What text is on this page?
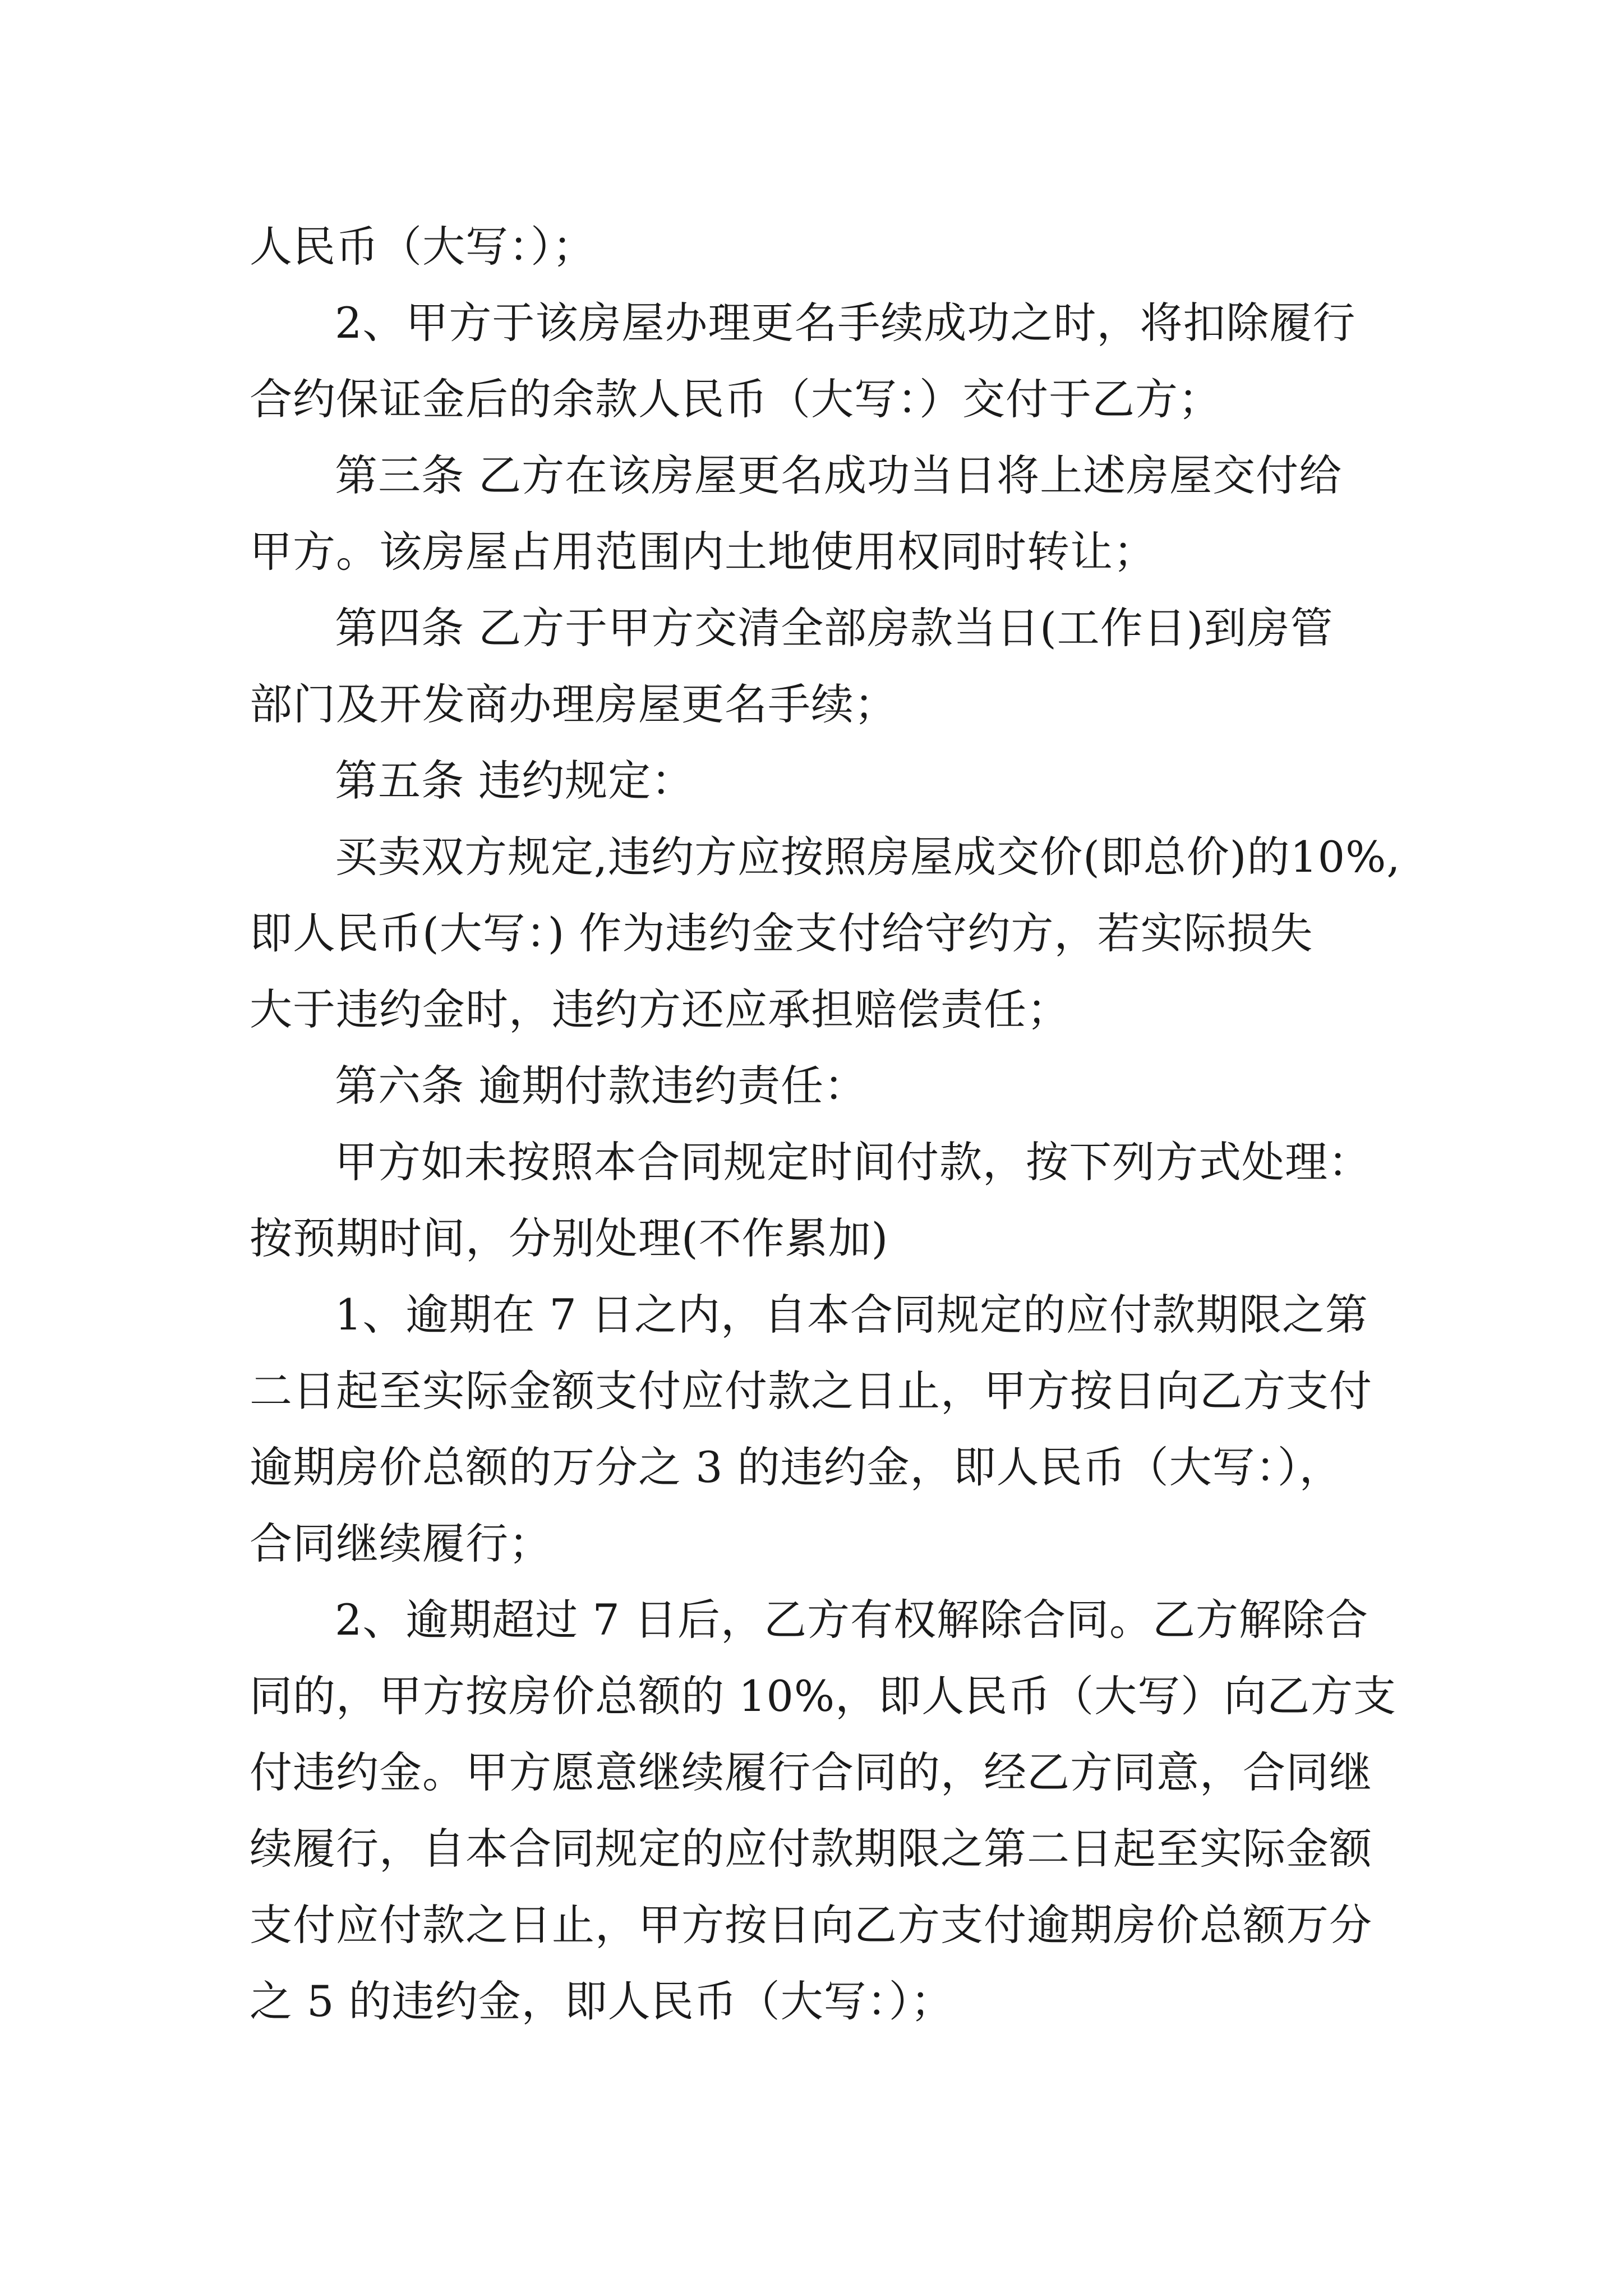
人民币（大写：）；
2、甲方于该房屋办理更名手续成功之时，将扣除履行
合约保证金后的余款人民币（大写：）交付于乙方；
第三条 乙方在该房屋更名成功当日将上述房屋交付给
甲方。该房屋占用范围内土地使用权同时转让；
第四条 乙方于甲方交清全部房款当日(工作日)到房管
部门及开发商办理房屋更名手续；
第五条 违约规定：
买卖双方规定,违约方应按照房屋成交价(即总价)的10%,
即人民币(大写：) 作为违约金支付给守约方，若实际损失
大于违约金时，违约方还应承担赔偿责任；
第六条 逾期付款违约责任：
甲方如未按照本合同规定时间付款，按下列方式处理：
按预期时间，分别处理(不作累加)
1、逾期在 7 日之内，自本合同规定的应付款期限之第
二日起至实际金额支付应付款之日止，甲方按日向乙方支付
逾期房价总额的万分之 3 的违约金，即人民币（大写：），
合同继续履行；
2、逾期超过 7 日后，乙方有权解除合同。乙方解除合
同的，甲方按房价总额的 10%，即人民币（大写）向乙方支
付违约金。甲方愿意继续履行合同的，经乙方同意，合同继
续履行，自本合同规定的应付款期限之第二日起至实际金额
支付应付款之日止，甲方按日向乙方支付逾期房价总额万分
之 5 的违约金，即人民币（大写：）；
